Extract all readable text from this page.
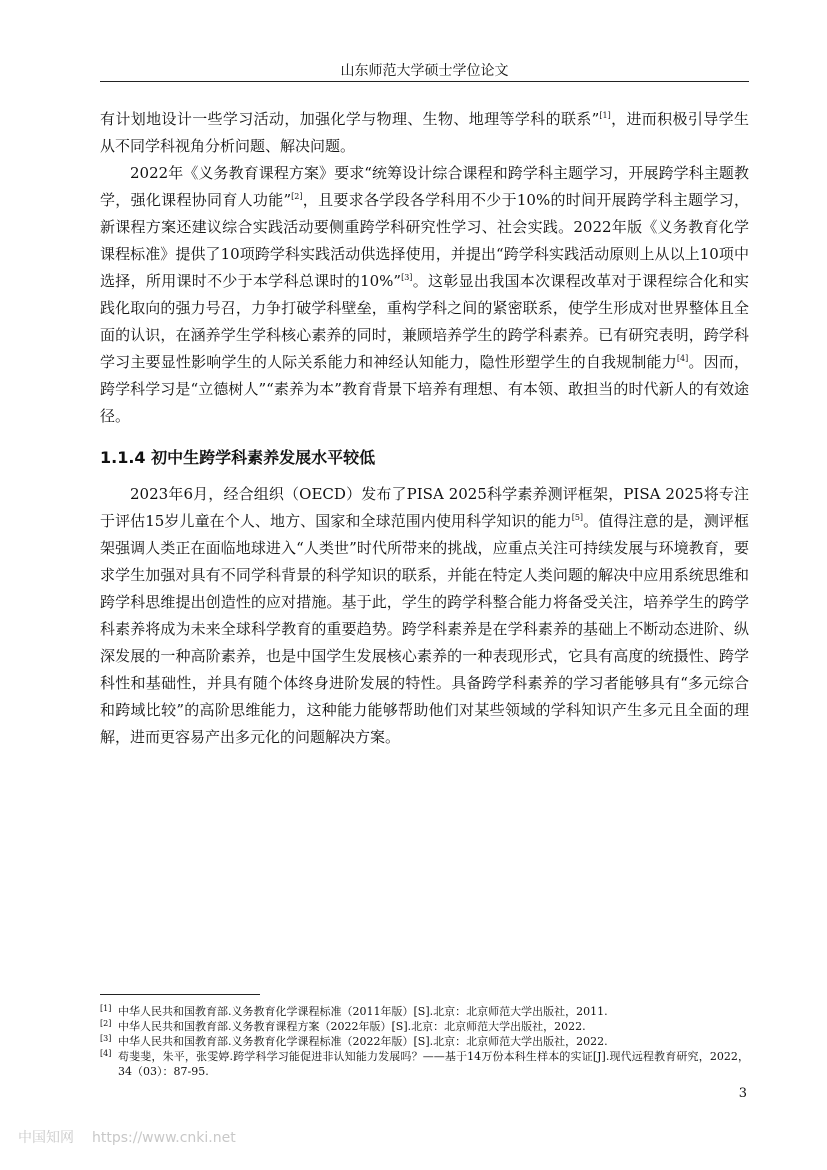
山东师范大学硕士学位论文

有计划地设计一些学习活动，加强化学与物理、生物、地理等学科的联系”[1]，进而积极引导学生从不同学科视角分析问题、解决问题。

2022年《义务教育课程方案》要求“统筹设计综合课程和跨学科主题学习，开展跨学科主题教学，强化课程协同育人功能”[2]，且要求各学段各学科用不少于10%的时间开展跨学科主题学习，新课程方案还建议综合实践活动要侧重跨学科研究性学习、社会实践。2022年版《义务教育化学课程标准》提供了10项跨学科实践活动供选择使用，并提出“跨学科实践活动原则上从以上10项中选择，所用课时不少于本学科总课时的10%”[3]。这彰显出我国本次课程改革对于课程综合化和实践化取向的强力号召，力争打破学科壁垒，重构学科之间的紧密联系，使学生形成对世界整体且全面的认识，在涵养学生学科核心素养的同时，兼顾培养学生的跨学科素养。已有研究表明，跨学科学习主要显性影响学生的人际关系能力和神经认知能力，隐性形塑学生的自我规制能力[4]。因而，跨学科学习是“立德树人”“素养为本”教育背景下培养有理想、有本领、敢担当的时代新人的有效途径。

1.1.4 初中生跨学科素养发展水平较低

2023年6月，经合组织（OECD）发布了PISA 2025科学素养测评框架，PISA 2025将专注于评估15岁儿童在个人、地方、国家和全球范围内使用科学知识的能力[5]。值得注意的是，测评框架强调人类正在面临地球进入“人类世”时代所带来的挑战，应重点关注可持续发展与环境教育，要求学生加强对具有不同学科背景的科学知识的联系，并能在特定人类问题的解决中应用系统思维和跨学科思维提出创造性的应对措施。基于此，学生的跨学科整合能力将备受关注，培养学生的跨学科素养将成为未来全球科学教育的重要趋势。跨学科素养是在学科素养的基础上不断动态进阶、纵深发展的一种高阶素养，也是中国学生发展核心素养的一种表现形式，它具有高度的统摄性、跨学科性和基础性，并具有随个体终身进阶发展的特性。具备跨学科素养的学习者能够具有“多元综合和跨域比较”的高阶思维能力，这种能力能够帮助他们对某些领域的学科知识产生多元且全面的理解，进而更容易产出多元化的问题解决方案。

[1] 中华人民共和国教育部.义务教育化学课程标准（2011年版）[S].北京：北京师范大学出版社，2011.
[2] 中华人民共和国教育部.义务教育课程方案（2022年版）[S].北京：北京师范大学出版社，2022.
[3] 中华人民共和国教育部.义务教育化学课程标准（2022年版）[S].北京：北京师范大学出版社，2022.
[4] 苟斐斐，朱平，张雯婷.跨学科学习能促进非认知能力发展吗？——基于14万份本科生样本的实证[J].现代远程教育研究，2022，34（03）：87-95.
3
中国知网 https://www.cnki.net
